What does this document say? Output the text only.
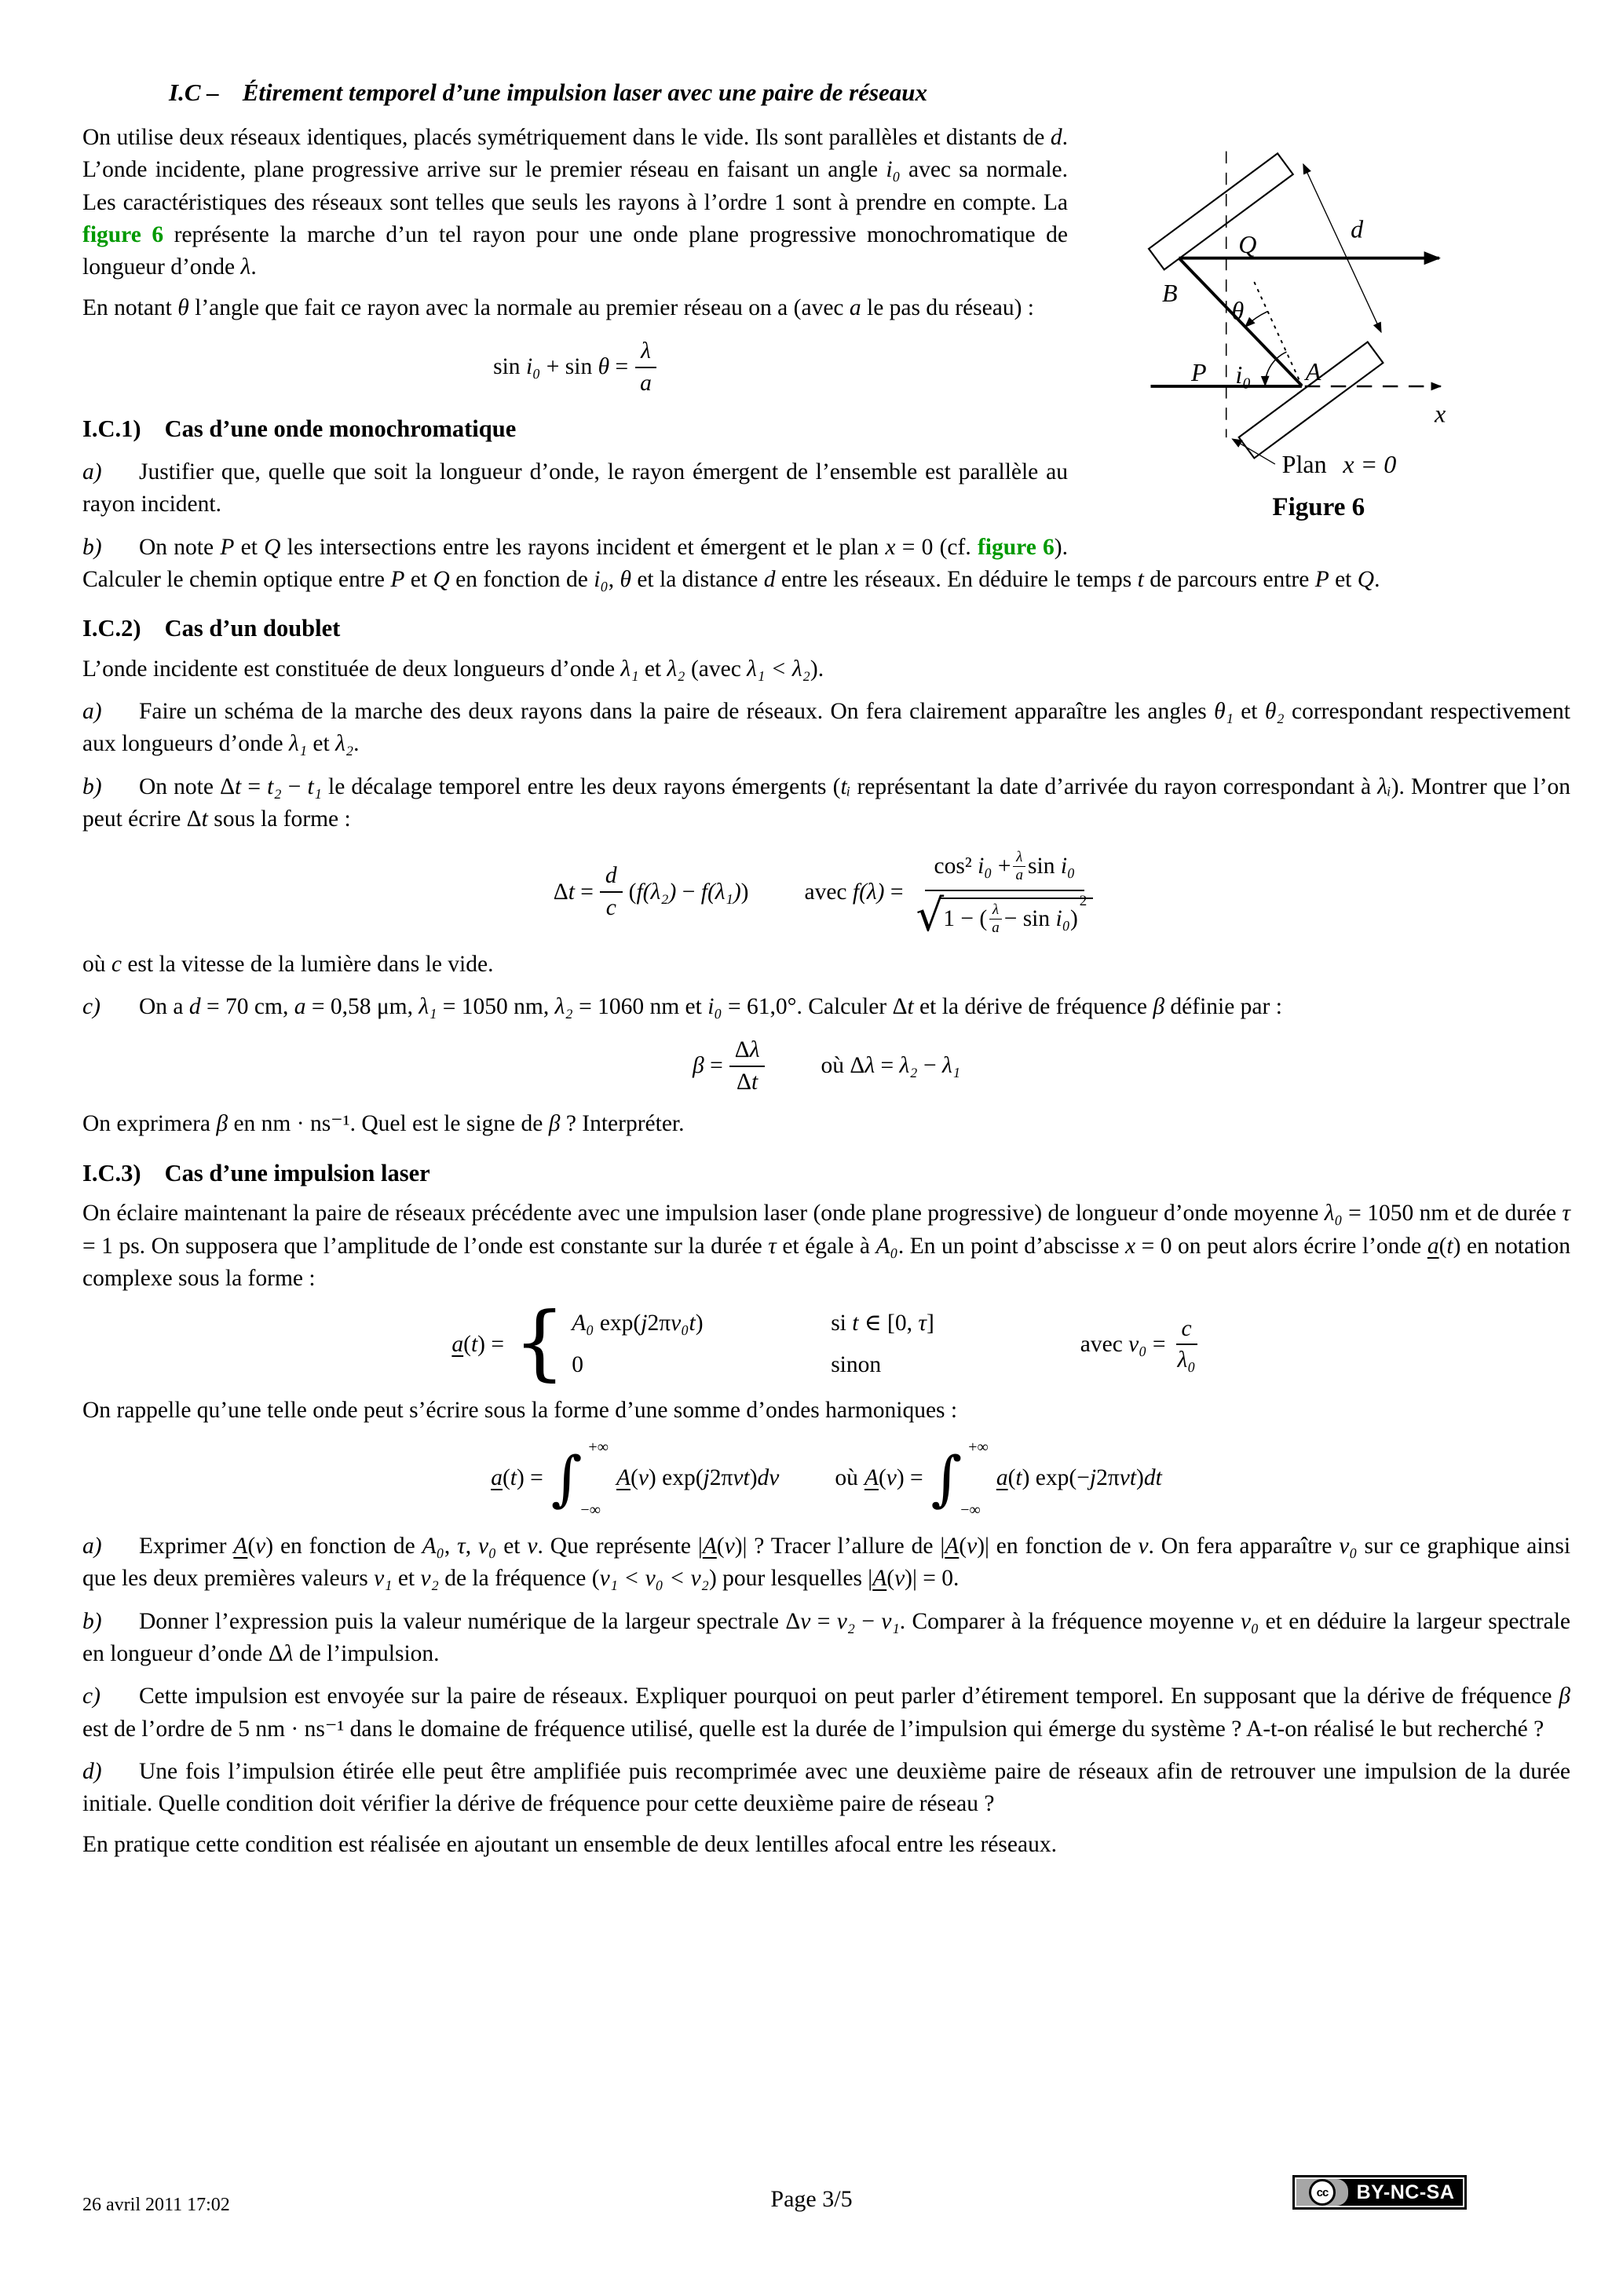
Q
d
B
θ
P i₀ A
x
Plan x = 0
Figure 6
I.C – Étirement temporel d’une impulsion laser avec une paire de réseaux

On utilise deux réseaux identiques, placés symétriquement dans le vide. Ils sont parallèles et distants de d. L’onde incidente, plane progressive arrive sur le premier réseau en faisant un angle i₀ avec sa normale. Les caractéristiques des réseaux sont telles que seuls les rayons à l’ordre 1 sont à prendre en compte. La figure 6 représente la marche d’un tel rayon pour une onde plane progressive monochromatique de longueur d’onde λ.

En notant θ l’angle que fait ce rayon avec la normale au premier réseau on a (avec a le pas du réseau) :

$\sin i_0 + \sin \theta = \frac{\lambda}{a}$
I.C.1) Cas d’une onde monochromatique

a) Justifier que, quelle que soit la longueur d’onde, le rayon émergent de l’ensemble est parallèle au rayon incident.

b) On note P et Q les intersections entre les rayons incident et émergent et le plan x = 0 (cf. figure 6). Calculer le chemin optique entre P et Q en fonction de i₀, θ et la distance d entre les réseaux. En déduire le temps t de parcours entre P et Q.

I.C.2) Cas d’un doublet

L’onde incidente est constituée de deux longueurs d’onde λ₁ et λ₂ (avec λ₁ < λ₂).

a) Faire un schéma de la marche des deux rayons dans la paire de réseaux. On fera clairement apparaître les angles θ₁ et θ₂ correspondant respectivement aux longueurs d’onde λ₁ et λ₂.

b) On note Δt = t₂ − t₁ le décalage temporel entre les deux rayons émergents (tᵢ représentant la date d’arrivée du rayon correspondant à λᵢ). Montrer que l’on peut écrire Δt sous la forme :

$\Delta t = \frac{d}{c} (f(\lambda_2) - f(\lambda_1))$ avec f(λ) =
cos² $i_0 + \frac{\lambda}{a}$ sin i₀
√ 1 − ( $\frac{\lambda}{a} - \sin i_0$)
2

où c est la vitesse de la lumière dans le vide.

c) On a d = 70 cm, a = 0,58 μm, λ₁ = 1050 nm, λ₂ = 1060 nm et i₀ = 61,0°. Calculer Δt et la dérive de fréquence β définie par :

$\beta = \frac{\Delta\lambda}{\Delta t}$ où Δλ = λ₂ − λ₁

On exprimera β en nm · ns⁻¹. Quel est le signe de β ? Interpréter.

I.C.3) Cas d’une impulsion laser

On éclaire maintenant la paire de réseaux précédente avec une impulsion laser (onde plane progressive) de longueur d’onde moyenne λ₀ = 1050 nm et de durée τ = 1 ps. On supposera que l’amplitude de l’onde est constante sur la durée τ et égale à A₀. En un point d’abscisse x = 0 on peut alors écrire l’onde a(t) en notation complexe sous la forme :

a(t) = { A₀ exp(j2πν₀t)	si t ∈ [0, τ]
0	sinon
avec $\nu_0 = \frac{c}{\text{λ₀}}$

On rappelle qu’une telle onde peut s’écrire sous la forme d’une somme d’ondes harmoniques :

a(t) = ∫ +∞
−∞
A(ν) exp(j2πνt)dν où A(ν) = ∫ +∞
−∞
a(t) exp(−j2πνt)dt

a) Exprimer A(ν) en fonction de A₀, τ, ν₀ et ν. Que représente |A(ν)| ? Tracer l’allure de |A(ν)| en fonction de ν. On fera apparaître ν₀ sur ce graphique ainsi que les deux premières valeurs ν₁ et ν₂ de la fréquence (ν₁ < ν₀ < ν₂) pour lesquelles |A(ν)| = 0.

b) Donner l’expression puis la valeur numérique de la largeur spectrale Δν = ν₂ − ν₁. Comparer à la fréquence moyenne ν₀ et en déduire la largeur spectrale en longueur d’onde Δλ de l’impulsion.

c) Cette impulsion est envoyée sur la paire de réseaux. Expliquer pourquoi on peut parler d’étirement temporel. En supposant que la dérive de fréquence β est de l’ordre de 5 nm · ns⁻¹ dans le domaine de fréquence utilisé, quelle est la durée de l’impulsion qui émerge du système ? A-t-on réalisé le but recherché ?

d) Une fois l’impulsion étirée elle peut être amplifiée puis recomprimée avec une deuxième paire de réseaux afin de retrouver une impulsion de la durée initiale. Quelle condition doit vérifier la dérive de fréquence pour cette deuxième paire de réseau ?

En pratique cette condition est réalisée en ajoutant un ensemble de deux lentilles afocal entre les réseaux.

26 avril 2011 17:02	Page 3/5	cc	BY-NC-SA
